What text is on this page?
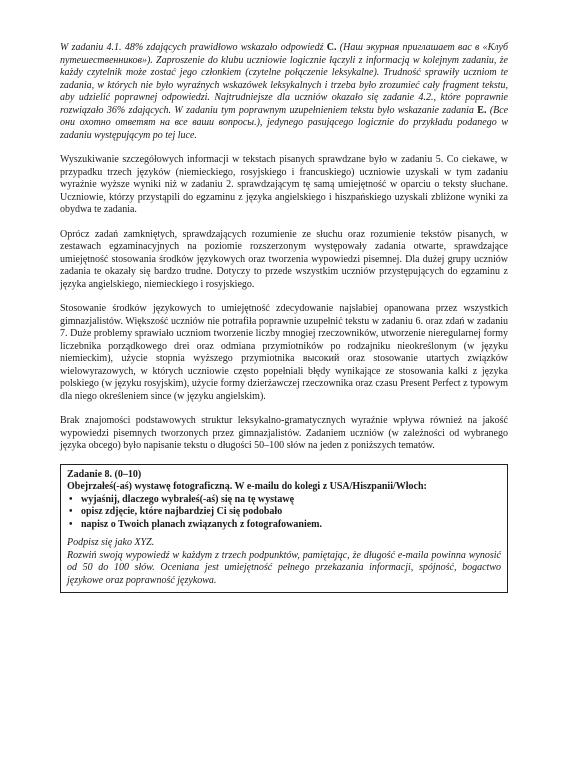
W zadaniu 4.1. 48% zdających prawidłowo wskazało odpowiedź C. (Наш экурная приглашает вас в «Клуб путешественников»). Zaproszenie do klubu uczniowie logicznie łączyli z informacją w kolejnym zadaniu, że każdy czytelnik może zostać jego członkiem (czytelne połączenie leksykalne). Trudność sprawiły uczniom te zadania, w których nie było wyraźnych wskazówek leksykalnych i trzeba było zrozumieć cały fragment tekstu, aby udzielić poprawnej odpowiedzi. Najtrudniejsze dla uczniów okazało się zadanie 4.2., które poprawnie rozwiązało 36% zdających. W zadaniu tym poprawnym uzupełnieniem tekstu było wskazanie zadania E. (Все они охотно ответят на все ваши вопросы.), jedynego pasującego logicznie do przykładu podanego w zadaniu występującym po tej luce.

Wyszukiwanie szczegółowych informacji w tekstach pisanych sprawdzane było w zadaniu 5. Co ciekawe, w przypadku trzech języków (niemieckiego, rosyjskiego i francuskiego) uczniowie uzyskali w tym zadaniu wyraźnie wyższe wyniki niż w zadaniu 2. sprawdzającym tę samą umiejętność w oparciu o teksty słuchane. Uczniowie, którzy przystąpili do egzaminu z języka angielskiego i hiszpańskiego uzyskali zbliżone wyniki za obydwa te zadania.

Oprócz zadań zamkniętych, sprawdzających rozumienie ze słuchu oraz rozumienie tekstów pisanych, w zestawach egzaminacyjnych na poziomie rozszerzonym występowały zadania otwarte, sprawdzające umiejętność stosowania środków językowych oraz tworzenia wypowiedzi pisemnej. Dla dużej grupy uczniów zadania te okazały się bardzo trudne. Dotyczy to przede wszystkim uczniów przystępujących do egzaminu z języka angielskiego, niemieckiego i rosyjskiego.

Stosowanie środków językowych to umiejętność zdecydowanie najsłabiej opanowana przez wszystkich gimnazjalistów. Większość uczniów nie potrafiła poprawnie uzupełnić tekstu w zadaniu 6. oraz zdań w zadaniu 7. Duże problemy sprawiało uczniom tworzenie liczby mnogiej rzeczowników, utworzenie nieregularnej formy liczebnika porządkowego drei oraz odmiana przymiotników po rodzajniku nieokreślonym (w języku niemieckim), użycie stopnia wyższego przymiotnika высокий oraz stosowanie utartych związków wielowyrazowych, w których uczniowie często popełniali błędy wynikające ze stosowania kalki z języka polskiego (w języku rosyjskim), użycie formy dzierżawczej rzeczownika oraz czasu Present Perfect z typowym dla niego określeniem since (w języku angielskim).

Brak znajomości podstawowych struktur leksykalno-gramatycznych wyraźnie wpływa również na jakość wypowiedzi pisemnych tworzonych przez gimnazjalistów. Zadaniem uczniów (w zależności od wybranego języka obcego) było napisanie tekstu o długości 50–100 słów na jeden z poniższych tematów.

Zadanie 8. (0–10)
Obejrzałeś(-aś) wystawę fotograficzną. W e-mailu do kolegi z USA/Hiszpanii/Włoch:
• wyjaśnij, dlaczego wybrałeś(-aś) się na tę wystawę
• opisz zdjęcie, które najbardziej Ci się podobało
• napisz o Twoich planach związanych z fotografowaniem.
Podpisz się jako XYZ.
Rozwiń swoją wypowiedź w każdym z trzech podpunktów, pamiętając, że długość e-maila powinna wynosić od 50 do 100 słów. Oceniana jest umiejętność pełnego przekazania informacji, spójność, bogactwo językowe oraz poprawność językowa.
